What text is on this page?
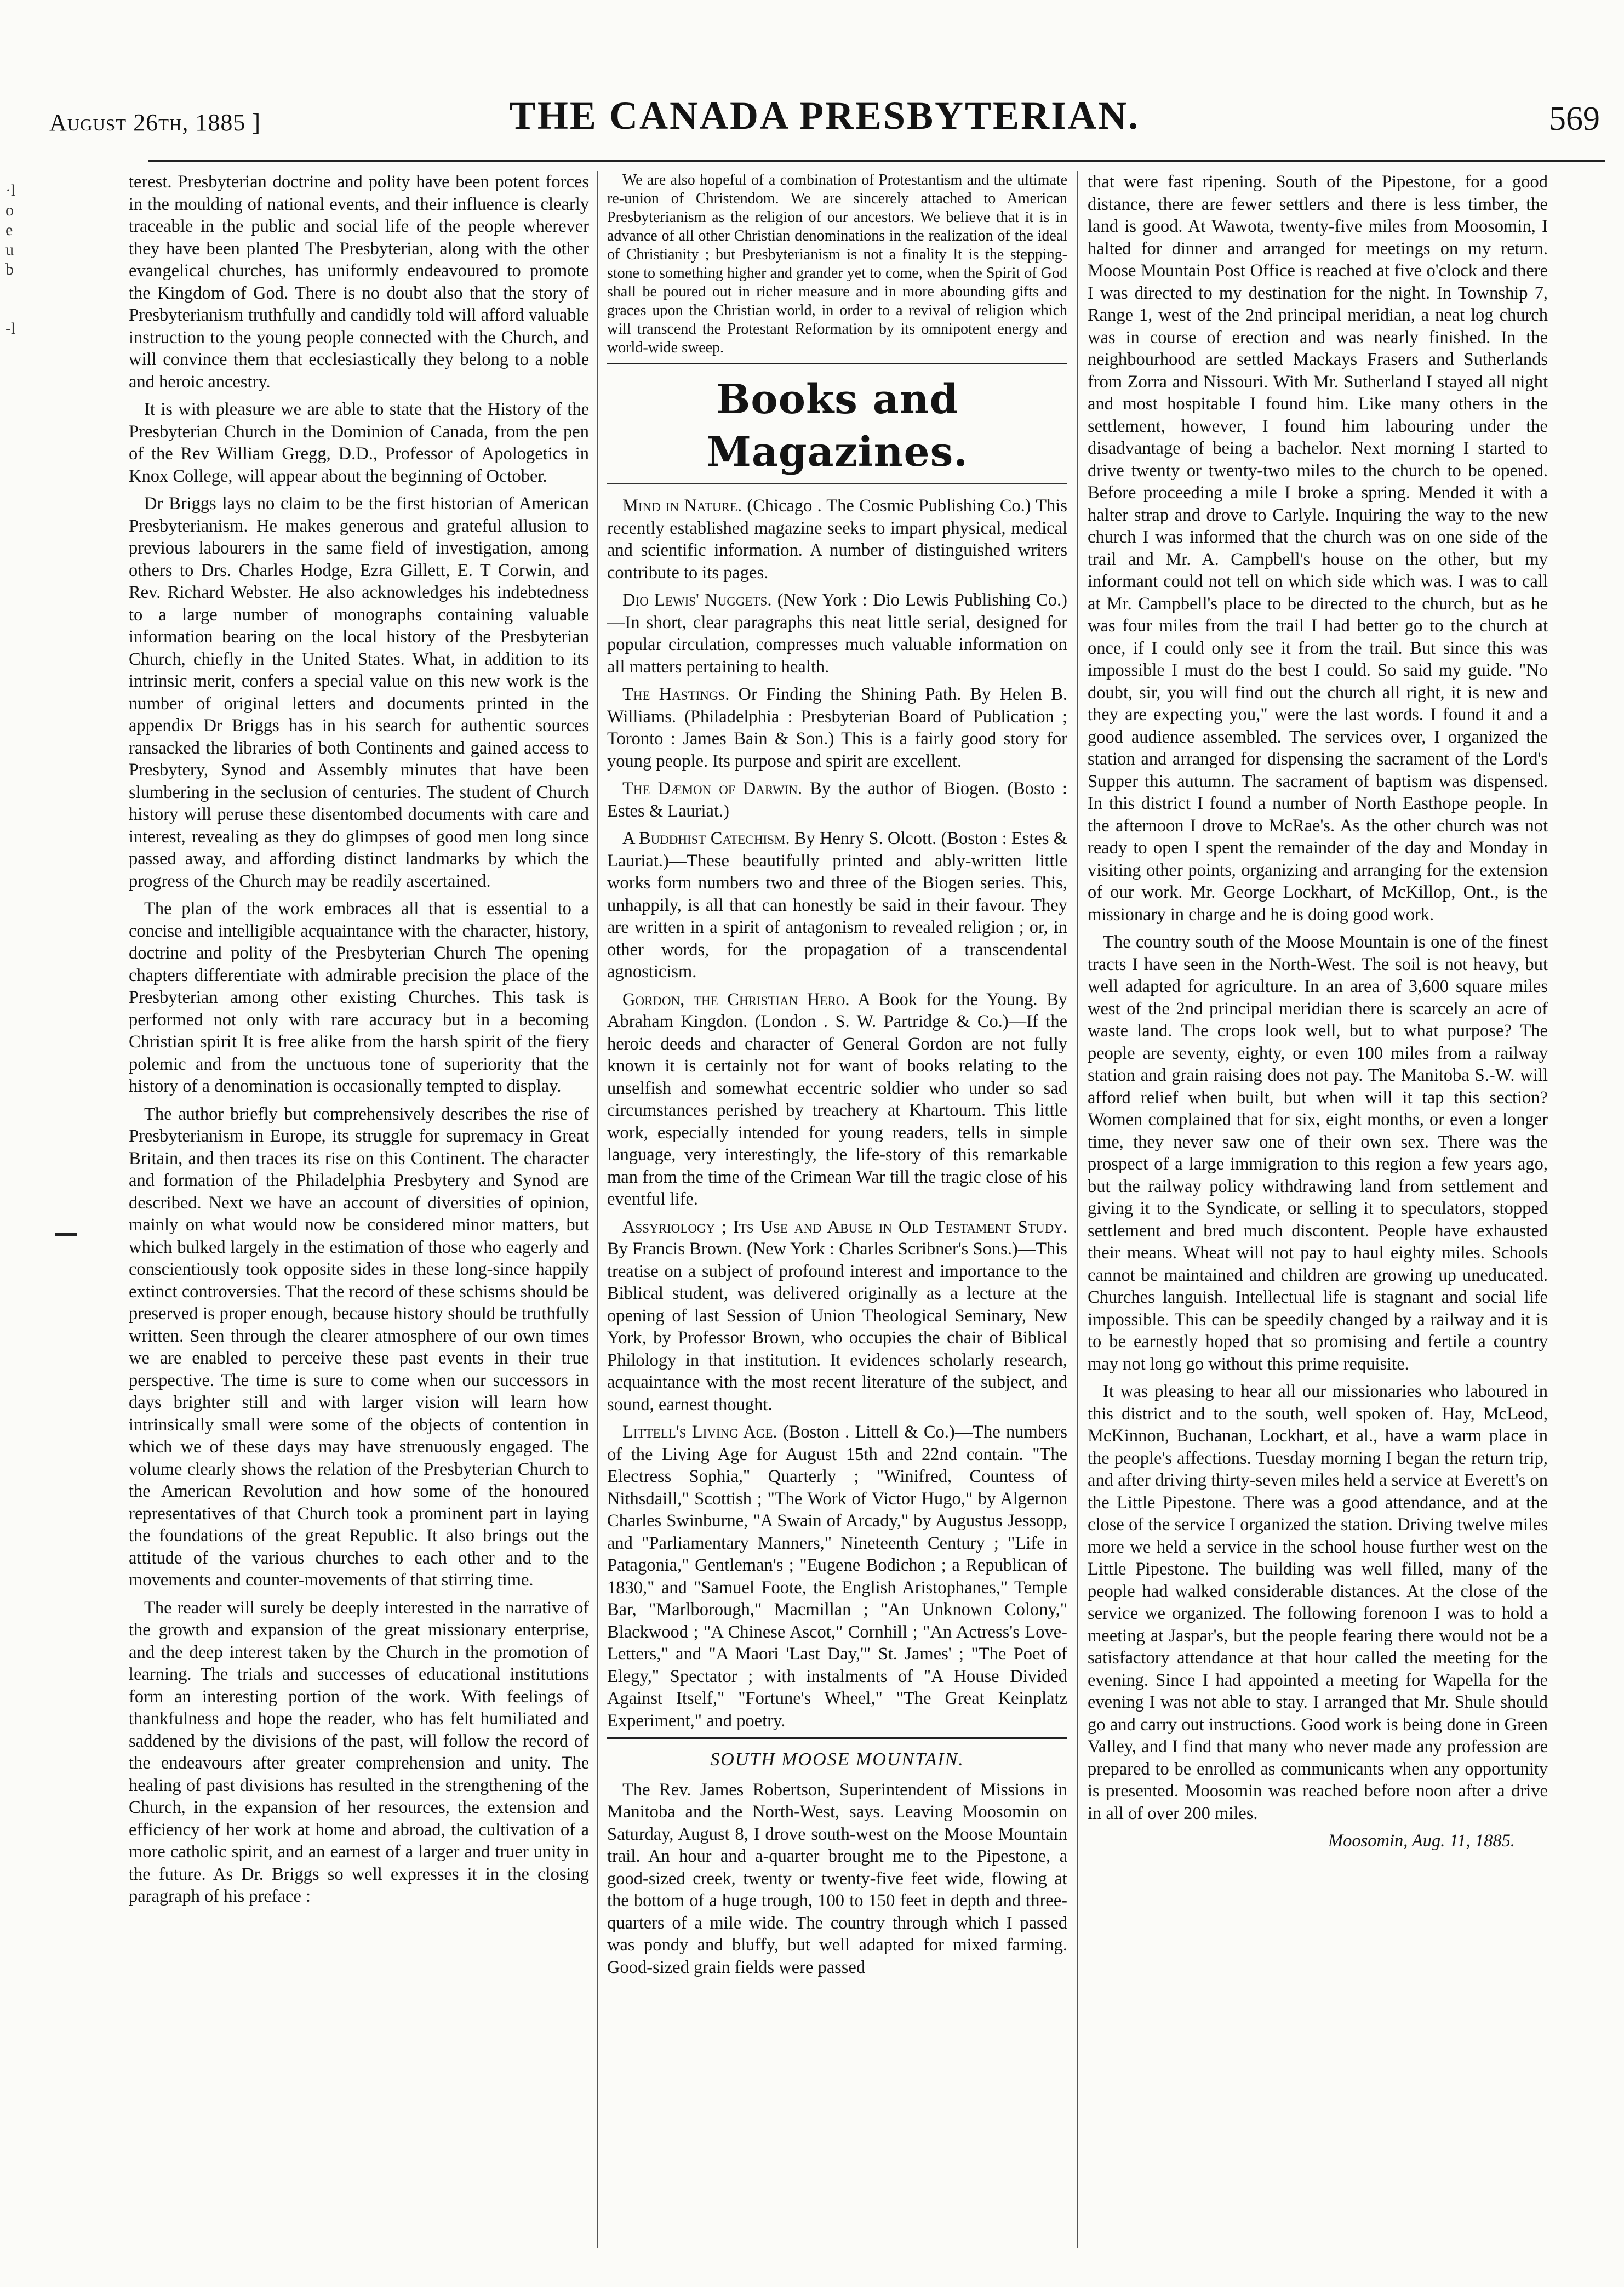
August 26th, 1885 ]	THE CANADA PRESBYTERIAN.	569
·l
o
e
u
b

-l

terest. Presbyterian doctrine and polity have been potent forces in the moulding of national events, and their influence is clearly traceable in the public and social life of the people wherever they have been planted The Presbyterian, along with the other evangelical churches, has uniformly endeavoured to promote the Kingdom of God. There is no doubt also that the story of Presbyterianism truthfully and candidly told will afford valuable instruction to the young people connected with the Church, and will convince them that ecclesiastically they belong to a noble and heroic ancestry.

It is with pleasure we are able to state that the History of the Presbyterian Church in the Dominion of Canada, from the pen of the Rev William Gregg, D.D., Professor of Apologetics in Knox College, will appear about the beginning of October.

Dr Briggs lays no claim to be the first historian of American Presbyterianism. He makes generous and grateful allusion to previous labourers in the same field of investigation, among others to Drs. Charles Hodge, Ezra Gillett, E. T Corwin, and Rev. Richard Webster. He also acknowledges his indebtedness to a large number of monographs containing valuable information bearing on the local history of the Presbyterian Church, chiefly in the United States. What, in addition to its intrinsic merit, confers a special value on this new work is the number of original letters and documents printed in the appendix Dr Briggs has in his search for authentic sources ransacked the libraries of both Continents and gained access to Presbytery, Synod and Assembly minutes that have been slumbering in the seclusion of centuries. The student of Church history will peruse these disentombed documents with care and interest, revealing as they do glimpses of good men long since passed away, and affording distinct landmarks by which the progress of the Church may be readily ascertained.

The plan of the work embraces all that is essential to a concise and intelligible acquaintance with the character, history, doctrine and polity of the Presbyterian Church The opening chapters differentiate with admirable precision the place of the Presbyterian among other existing Churches. This task is performed not only with rare accuracy but in a becoming Christian spirit It is free alike from the harsh spirit of the fiery polemic and from the unctuous tone of superiority that the history of a denomination is occasionally tempted to display.

The author briefly but comprehensively describes the rise of Presbyterianism in Europe, its struggle for supremacy in Great Britain, and then traces its rise on this Continent. The character and formation of the Philadelphia Presbytery and Synod are described. Next we have an account of diversities of opinion, mainly on what would now be considered minor matters, but which bulked largely in the estimation of those who eagerly and conscientiously took opposite sides in these long-since happily extinct controversies. That the record of these schisms should be preserved is proper enough, because history should be truthfully written. Seen through the clearer atmosphere of our own times we are enabled to perceive these past events in their true perspective. The time is sure to come when our successors in days brighter still and with larger vision will learn how intrinsically small were some of the objects of contention in which we of these days may have strenuously engaged. The volume clearly shows the relation of the Presbyterian Church to the American Revolution and how some of the honoured representatives of that Church took a prominent part in laying the foundations of the great Republic. It also brings out the attitude of the various churches to each other and to the movements and counter-movements of that stirring time.

The reader will surely be deeply interested in the narrative of the growth and expansion of the great missionary enterprise, and the deep interest taken by the Church in the promotion of learning. The trials and successes of educational institutions form an interesting portion of the work. With feelings of thankfulness and hope the reader, who has felt humiliated and saddened by the divisions of the past, will follow the record of the endeavours after greater comprehension and unity. The healing of past divisions has resulted in the strengthening of the Church, in the expansion of her resources, the extension and efficiency of her work at home and abroad, the cultivation of a more catholic spirit, and an earnest of a larger and truer unity in the future. As Dr. Briggs so well expresses it in the closing paragraph of his preface :

We are also hopeful of a combination of Protestantism and the ultimate re-union of Christendom. We are sincerely attached to American Presbyterianism as the religion of our ancestors. We believe that it is in advance of all other Christian denominations in the realization of the ideal of Christianity ; but Presbyterianism is not a finality It is the stepping-stone to something higher and grander yet to come, when the Spirit of God shall be poured out in richer measure and in more abounding gifts and graces upon the Christian world, in order to a revival of religion which will transcend the Protestant Reformation by its omnipotent energy and world-wide sweep.

Books and Magazines.

Mind in Nature. (Chicago . The Cosmic Publishing Co.) This recently established magazine seeks to impart physical, medical and scientific information. A number of distinguished writers contribute to its pages.

Dio Lewis' Nuggets. (New York : Dio Lewis Publishing Co.)—In short, clear paragraphs this neat little serial, designed for popular circulation, compresses much valuable information on all matters pertaining to health.

The Hastings. Or Finding the Shining Path. By Helen B. Williams. (Philadelphia : Presbyterian Board of Publication ; Toronto : James Bain & Son.) This is a fairly good story for young people. Its purpose and spirit are excellent.

The Dæmon of Darwin. By the author of Biogen. (Bosto : Estes & Lauriat.)

A Buddhist Catechism. By Henry S. Olcott. (Boston : Estes & Lauriat.)—These beautifully printed and ably-written little works form numbers two and three of the Biogen series. This, unhappily, is all that can honestly be said in their favour. They are written in a spirit of antagonism to revealed religion ; or, in other words, for the propagation of a transcendental agnosticism.

Gordon, the Christian Hero. A Book for the Young. By Abraham Kingdon. (London . S. W. Partridge & Co.)—If the heroic deeds and character of General Gordon are not fully known it is certainly not for want of books relating to the unselfish and somewhat eccentric soldier who under so sad circumstances perished by treachery at Khartoum. This little work, especially intended for young readers, tells in simple language, very interestingly, the life-story of this remarkable man from the time of the Crimean War till the tragic close of his eventful life.

Assyriology ; Its Use and Abuse in Old Testament Study. By Francis Brown. (New York : Charles Scribner's Sons.)—This treatise on a subject of profound interest and importance to the Biblical student, was delivered originally as a lecture at the opening of last Session of Union Theological Seminary, New York, by Professor Brown, who occupies the chair of Biblical Philology in that institution. It evidences scholarly research, acquaintance with the most recent literature of the subject, and sound, earnest thought.

Littell's Living Age. (Boston . Littell & Co.)—The numbers of the Living Age for August 15th and 22nd contain. "The Electress Sophia," Quarterly ; "Winifred, Countess of Nithsdaill," Scottish ; "The Work of Victor Hugo," by Algernon Charles Swinburne, "A Swain of Arcady," by Augustus Jessopp, and "Parliamentary Manners," Nineteenth Century ; "Life in Patagonia," Gentleman's ; "Eugene Bodichon ; a Republican of 1830," and "Samuel Foote, the English Aristophanes," Temple Bar, "Marlborough," Macmillan ; "An Unknown Colony," Blackwood ; "A Chinese Ascot," Cornhill ; "An Actress's Love-Letters," and "A Maori 'Last Day,'" St. James' ; "The Poet of Elegy," Spectator ; with instalments of "A House Divided Against Itself," "Fortune's Wheel," "The Great Keinplatz Experiment," and poetry.

SOUTH MOOSE MOUNTAIN.

The Rev. James Robertson, Superintendent of Missions in Manitoba and the North-West, says. Leaving Moosomin on Saturday, August 8, I drove south-west on the Moose Mountain trail. An hour and a-quarter brought me to the Pipestone, a good-sized creek, twenty or twenty-five feet wide, flowing at the bottom of a huge trough, 100 to 150 feet in depth and three-quarters of a mile wide. The country through which I passed was pondy and bluffy, but well adapted for mixed farming. Good-sized grain fields were passed

that were fast ripening. South of the Pipestone, for a good distance, there are fewer settlers and there is less timber, the land is good. At Wawota, twenty-five miles from Moosomin, I halted for dinner and arranged for meetings on my return. Moose Mountain Post Office is reached at five o'clock and there I was directed to my destination for the night. In Township 7, Range 1, west of the 2nd principal meridian, a neat log church was in course of erection and was nearly finished. In the neighbourhood are settled Mackays Frasers and Sutherlands from Zorra and Nissouri. With Mr. Sutherland I stayed all night and most hospitable I found him. Like many others in the settlement, however, I found him labouring under the disadvantage of being a bachelor. Next morning I started to drive twenty or twenty-two miles to the church to be opened. Before proceeding a mile I broke a spring. Mended it with a halter strap and drove to Carlyle. Inquiring the way to the new church I was informed that the church was on one side of the trail and Mr. A. Campbell's house on the other, but my informant could not tell on which side which was. I was to call at Mr. Campbell's place to be directed to the church, but as he was four miles from the trail I had better go to the church at once, if I could only see it from the trail. But since this was impossible I must do the best I could. So said my guide. "No doubt, sir, you will find out the church all right, it is new and they are expecting you," were the last words. I found it and a good audience assembled. The services over, I organized the station and arranged for dispensing the sacrament of the Lord's Supper this autumn. The sacrament of baptism was dispensed. In this district I found a number of North Easthope people. In the afternoon I drove to McRae's. As the other church was not ready to open I spent the remainder of the day and Monday in visiting other points, organizing and arranging for the extension of our work. Mr. George Lockhart, of McKillop, Ont., is the missionary in charge and he is doing good work.

The country south of the Moose Mountain is one of the finest tracts I have seen in the North-West. The soil is not heavy, but well adapted for agriculture. In an area of 3,600 square miles west of the 2nd principal meridian there is scarcely an acre of waste land. The crops look well, but to what purpose? The people are seventy, eighty, or even 100 miles from a railway station and grain raising does not pay. The Manitoba S.-W. will afford relief when built, but when will it tap this section? Women complained that for six, eight months, or even a longer time, they never saw one of their own sex. There was the prospect of a large immigration to this region a few years ago, but the railway policy withdrawing land from settlement and giving it to the Syndicate, or selling it to speculators, stopped settlement and bred much discontent. People have exhausted their means. Wheat will not pay to haul eighty miles. Schools cannot be maintained and children are growing up uneducated. Churches languish. Intellectual life is stagnant and social life impossible. This can be speedily changed by a railway and it is to be earnestly hoped that so promising and fertile a country may not long go without this prime requisite.

It was pleasing to hear all our missionaries who laboured in this district and to the south, well spoken of. Hay, McLeod, McKinnon, Buchanan, Lockhart, et al., have a warm place in the people's affections. Tuesday morning I began the return trip, and after driving thirty-seven miles held a service at Everett's on the Little Pipestone. There was a good attendance, and at the close of the service I organized the station. Driving twelve miles more we held a service in the school house further west on the Little Pipestone. The building was well filled, many of the people had walked considerable distances. At the close of the service we organized. The following forenoon I was to hold a meeting at Jaspar's, but the people fearing there would not be a satisfactory attendance at that hour called the meeting for the evening. Since I had appointed a meeting for Wapella for the evening I was not able to stay. I arranged that Mr. Shule should go and carry out instructions. Good work is being done in Green Valley, and I find that many who never made any profession are prepared to be enrolled as communicants when any opportunity is presented. Moosomin was reached before noon after a drive in all of over 200 miles.

Moosomin, Aug. 11, 1885.
